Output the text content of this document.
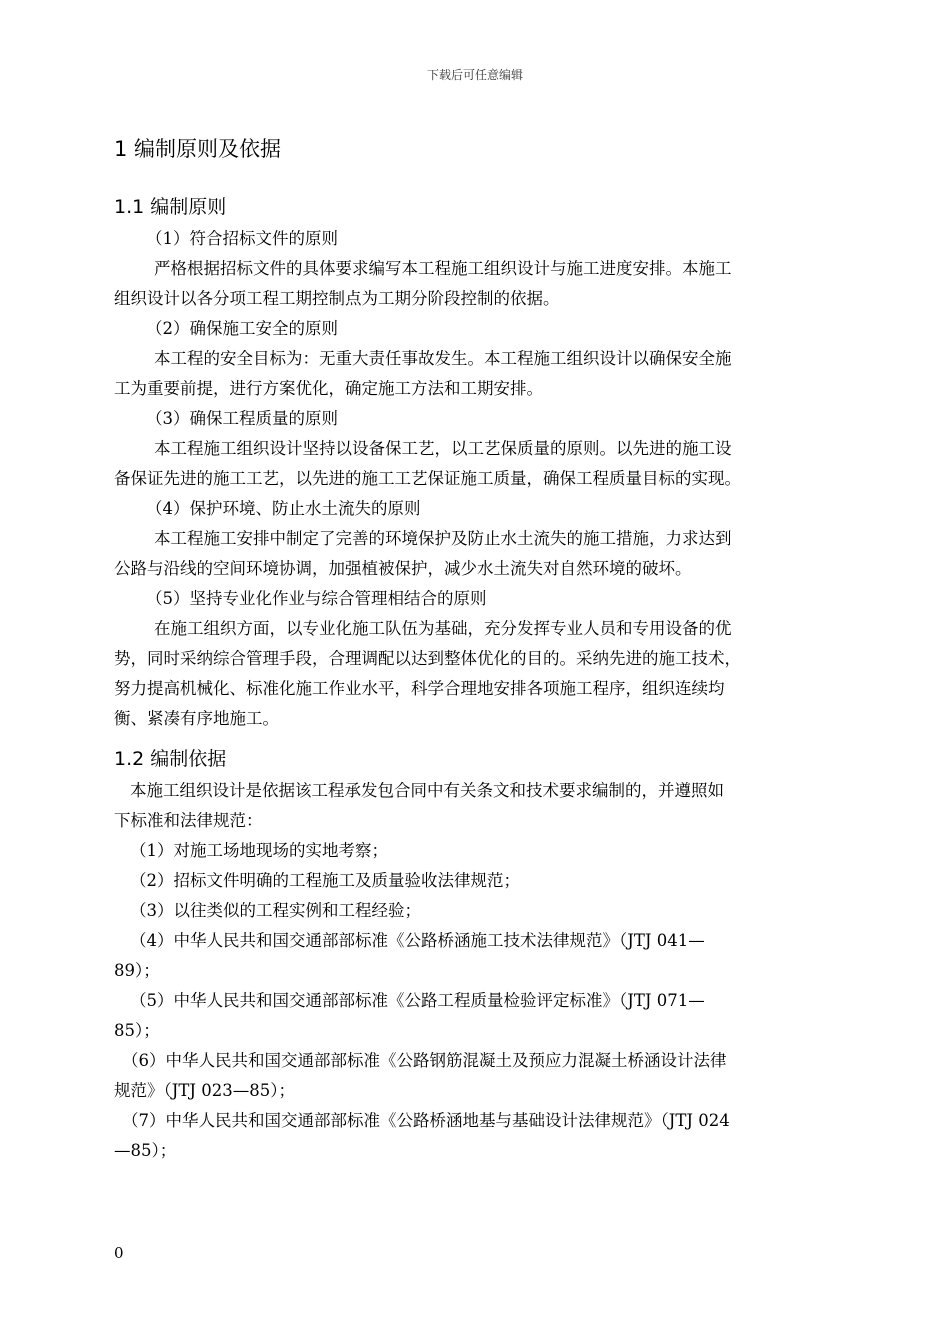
下载后可任意编辑
1 编制原则及依据
1.1 编制原则
（1）符合招标文件的原则
严格根据招标文件的具体要求编写本工程施工组织设计与施工进度安排。本施工
组织设计以各分项工程工期控制点为工期分阶段控制的依据。
（2）确保施工安全的原则
本工程的安全目标为：无重大责任事故发生。本工程施工组织设计以确保安全施
工为重要前提，进行方案优化，确定施工方法和工期安排。
（3）确保工程质量的原则
本工程施工组织设计坚持以设备保工艺，以工艺保质量的原则。以先进的施工设
备保证先进的施工工艺，以先进的施工工艺保证施工质量，确保工程质量目标的实现。
（4）保护环境、防止水土流失的原则
本工程施工安排中制定了完善的环境保护及防止水土流失的施工措施，力求达到
公路与沿线的空间环境协调，加强植被保护，减少水土流失对自然环境的破坏。
（5）坚持专业化作业与综合管理相结合的原则
在施工组织方面，以专业化施工队伍为基础，充分发挥专业人员和专用设备的优
势，同时采纳综合管理手段，合理调配以达到整体优化的目的。采纳先进的施工技术，
努力提高机械化、标准化施工作业水平，科学合理地安排各项施工程序，组织连续均
衡、紧凑有序地施工。
1.2 编制依据
本施工组织设计是依据该工程承发包合同中有关条文和技术要求编制的，并遵照如
下标准和法律规范：
（1）对施工场地现场的实地考察；
（2）招标文件明确的工程施工及质量验收法律规范；
（3）以往类似的工程实例和工程经验；
（4）中华人民共和国交通部部标准《公路桥涵施工技术法律规范》（JTJ 041—
89）；
（5）中华人民共和国交通部部标准《公路工程质量检验评定标准》（JTJ 071—
85）；
（6）中华人民共和国交通部部标准《公路钢筋混凝土及预应力混凝土桥涵设计法律
规范》（JTJ 023—85）；
（7）中华人民共和国交通部部标准《公路桥涵地基与基础设计法律规范》（JTJ 024
—85）；
0
